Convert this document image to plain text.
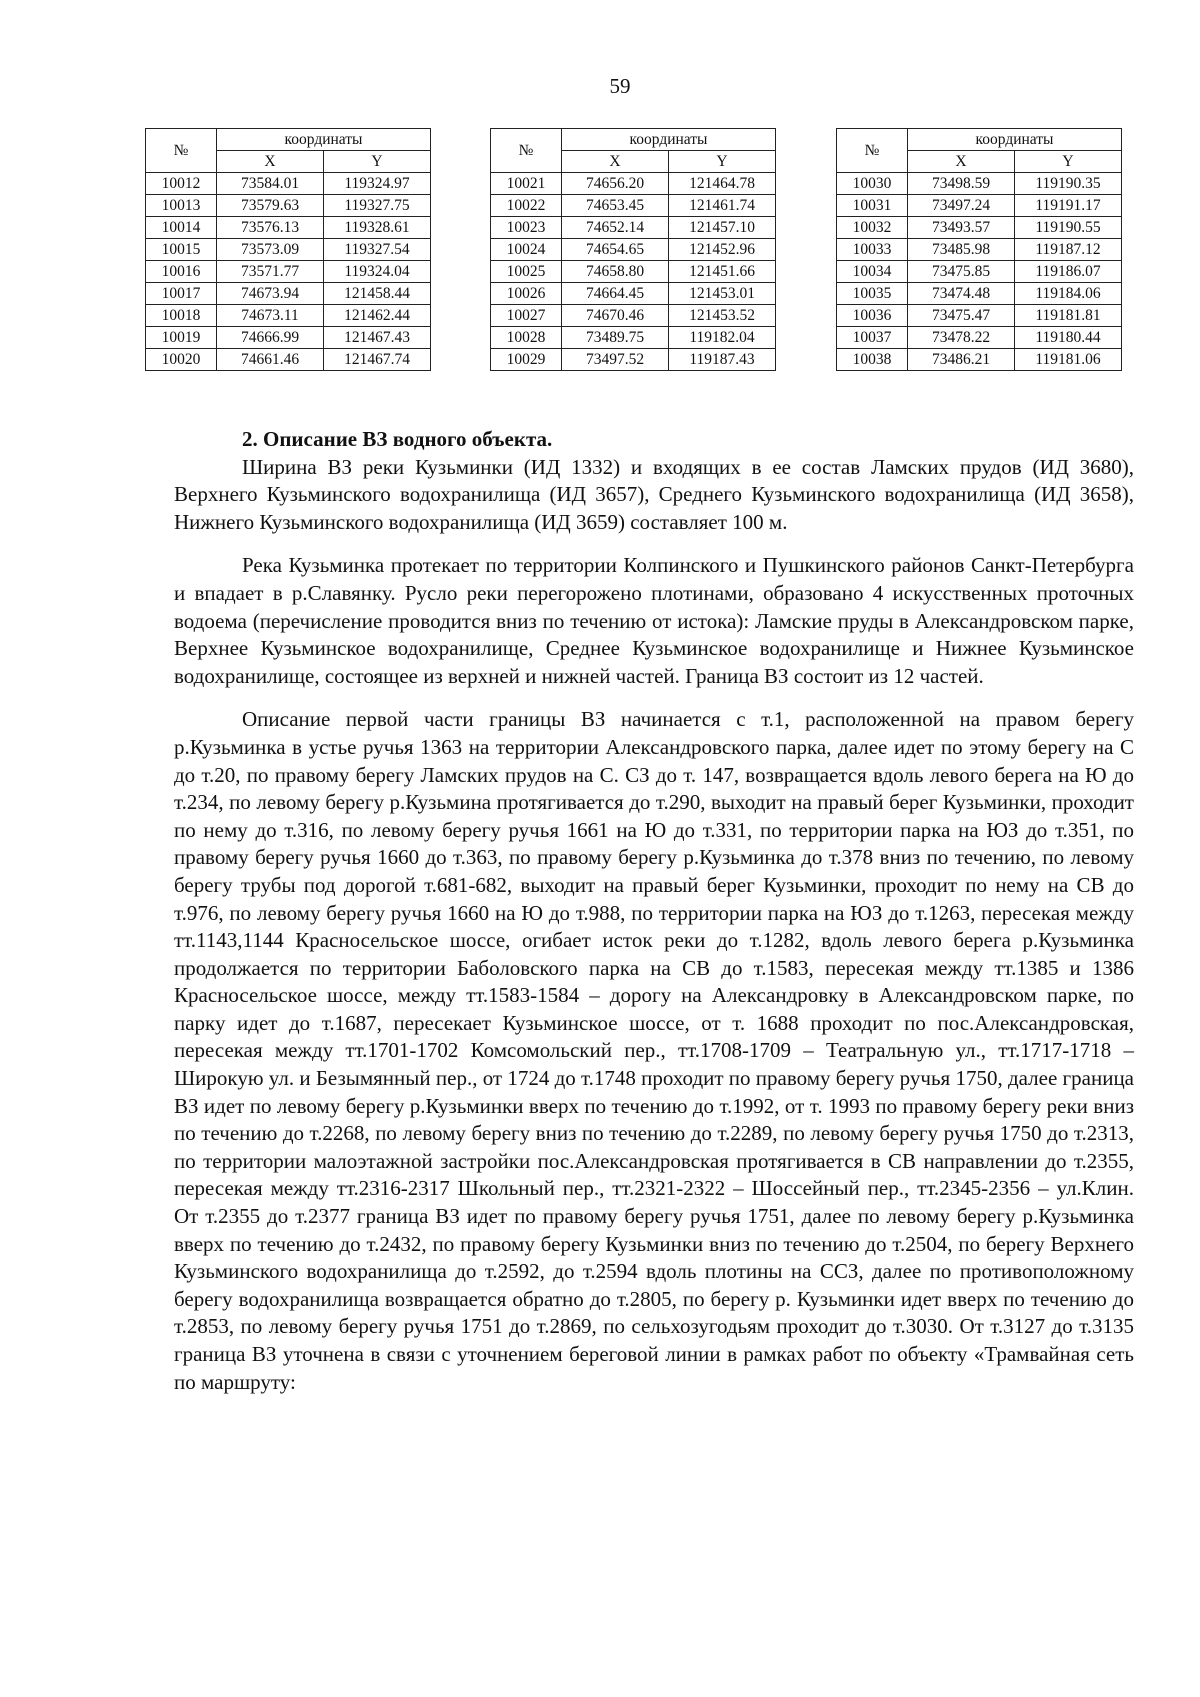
59
№	координаты	
	X	Y
10012	73584.01	119324.97
10013	73579.63	119327.75
10014	73576.13	119328.61
10015	73573.09	119327.54
10016	73571.77	119324.04
10017	74673.94	121458.44
10018	74673.11	121462.44
10019	74666.99	121467.43
10020	74661.46	121467.74
№	координаты	
	X	Y
10021	74656.20	121464.78
10022	74653.45	121461.74
10023	74652.14	121457.10
10024	74654.65	121452.96
10025	74658.80	121451.66
10026	74664.45	121453.01
10027	74670.46	121453.52
10028	73489.75	119182.04
10029	73497.52	119187.43
№	координаты	
	X	Y
10030	73498.59	119190.35
10031	73497.24	119191.17
10032	73493.57	119190.55
10033	73485.98	119187.12
10034	73475.85	119186.07
10035	73474.48	119184.06
10036	73475.47	119181.81
10037	73478.22	119180.44
10038	73486.21	119181.06

2. Описание ВЗ водного объекта.

Ширина ВЗ реки Кузьминки (ИД 1332) и входящих в ее состав Ламских прудов (ИД 3680), Верхнего Кузьминского водохранилища (ИД 3657), Среднего Кузьминского водохранилища (ИД 3658), Нижнего Кузьминского водохранилища (ИД 3659) составляет 100 м.

Река Кузьминка протекает по территории Колпинского и Пушкинского районов Санкт-Петербурга и впадает в р.Славянку. Русло реки перегорожено плотинами, образовано 4 искусственных проточных водоема (перечисление проводится вниз по течению от истока): Ламские пруды в Александровском парке, Верхнее Кузьминское водохранилище, Среднее Кузьминское водохранилище и Нижнее Кузьминское водохранилище, состоящее из верхней и нижней частей. Граница ВЗ состоит из 12 частей.

Описание первой части границы ВЗ начинается с т.1, расположенной на правом берегу р.Кузьминка в устье ручья 1363 на территории Александровского парка, далее идет по этому берегу на С до т.20, по правому берегу Ламских прудов на С. СЗ до т. 147, возвращается вдоль левого берега на Ю до т.234, по левому берегу р.Кузьмина протягивается до т.290, выходит на правый берег Кузьминки, проходит по нему до т.316, по левому берегу ручья 1661 на Ю до т.331, по территории парка на ЮЗ до т.351, по правому берегу ручья 1660 до т.363, по правому берегу р.Кузьминка до т.378 вниз по течению, по левому берегу трубы под дорогой т.681-682, выходит на правый берег Кузьминки, проходит по нему на СВ до т.976, по левому берегу ручья 1660 на Ю до т.988, по территории парка на ЮЗ до т.1263, пересекая между тт.1143,1144 Красносельское шоссе, огибает исток реки до т.1282, вдоль левого берега р.Кузьминка продолжается по территории Баболовского парка на СВ до т.1583, пересекая между тт.1385 и 1386 Красносельское шоссе, между тт.1583-1584 – дорогу на Александровку в Александровском парке, по парку идет до т.1687, пересекает Кузьминское шоссе, от т. 1688 проходит по пос.Александровская, пересекая между тт.1701-1702 Комсомольский пер., тт.1708-1709 – Театральную ул., тт.1717-1718 – Широкую ул. и Безымянный пер., от 1724 до т.1748 проходит по правому берегу ручья 1750, далее граница ВЗ идет по левому берегу р.Кузьминки вверх по течению до т.1992, от т. 1993 по правому берегу реки вниз по течению до т.2268, по левому берегу вниз по течению до т.2289, по левому берегу ручья 1750 до т.2313, по территории малоэтажной застройки пос.Александровская протягивается в СВ направлении до т.2355, пересекая между тт.2316-2317 Школьный пер., тт.2321-2322 – Шоссейный пер., тт.2345-2356 – ул.Клин. От т.2355 до т.2377 граница ВЗ идет по правому берегу ручья 1751, далее по левому берегу р.Кузьминка вверх по течению до т.2432, по правому берегу Кузьминки вниз по течению до т.2504, по берегу Верхнего Кузьминского водохранилища до т.2592, до т.2594 вдоль плотины на ССЗ, далее по противоположному берегу водохранилища возвращается обратно до т.2805, по берегу р. Кузьминки идет вверх по течению до т.2853, по левому берегу ручья 1751 до т.2869, по сельхозугодьям проходит до т.3030. От т.3127 до т.3135 граница ВЗ уточнена в связи с уточнением береговой линии в рамках работ по объекту «Трамвайная сеть по маршруту:
